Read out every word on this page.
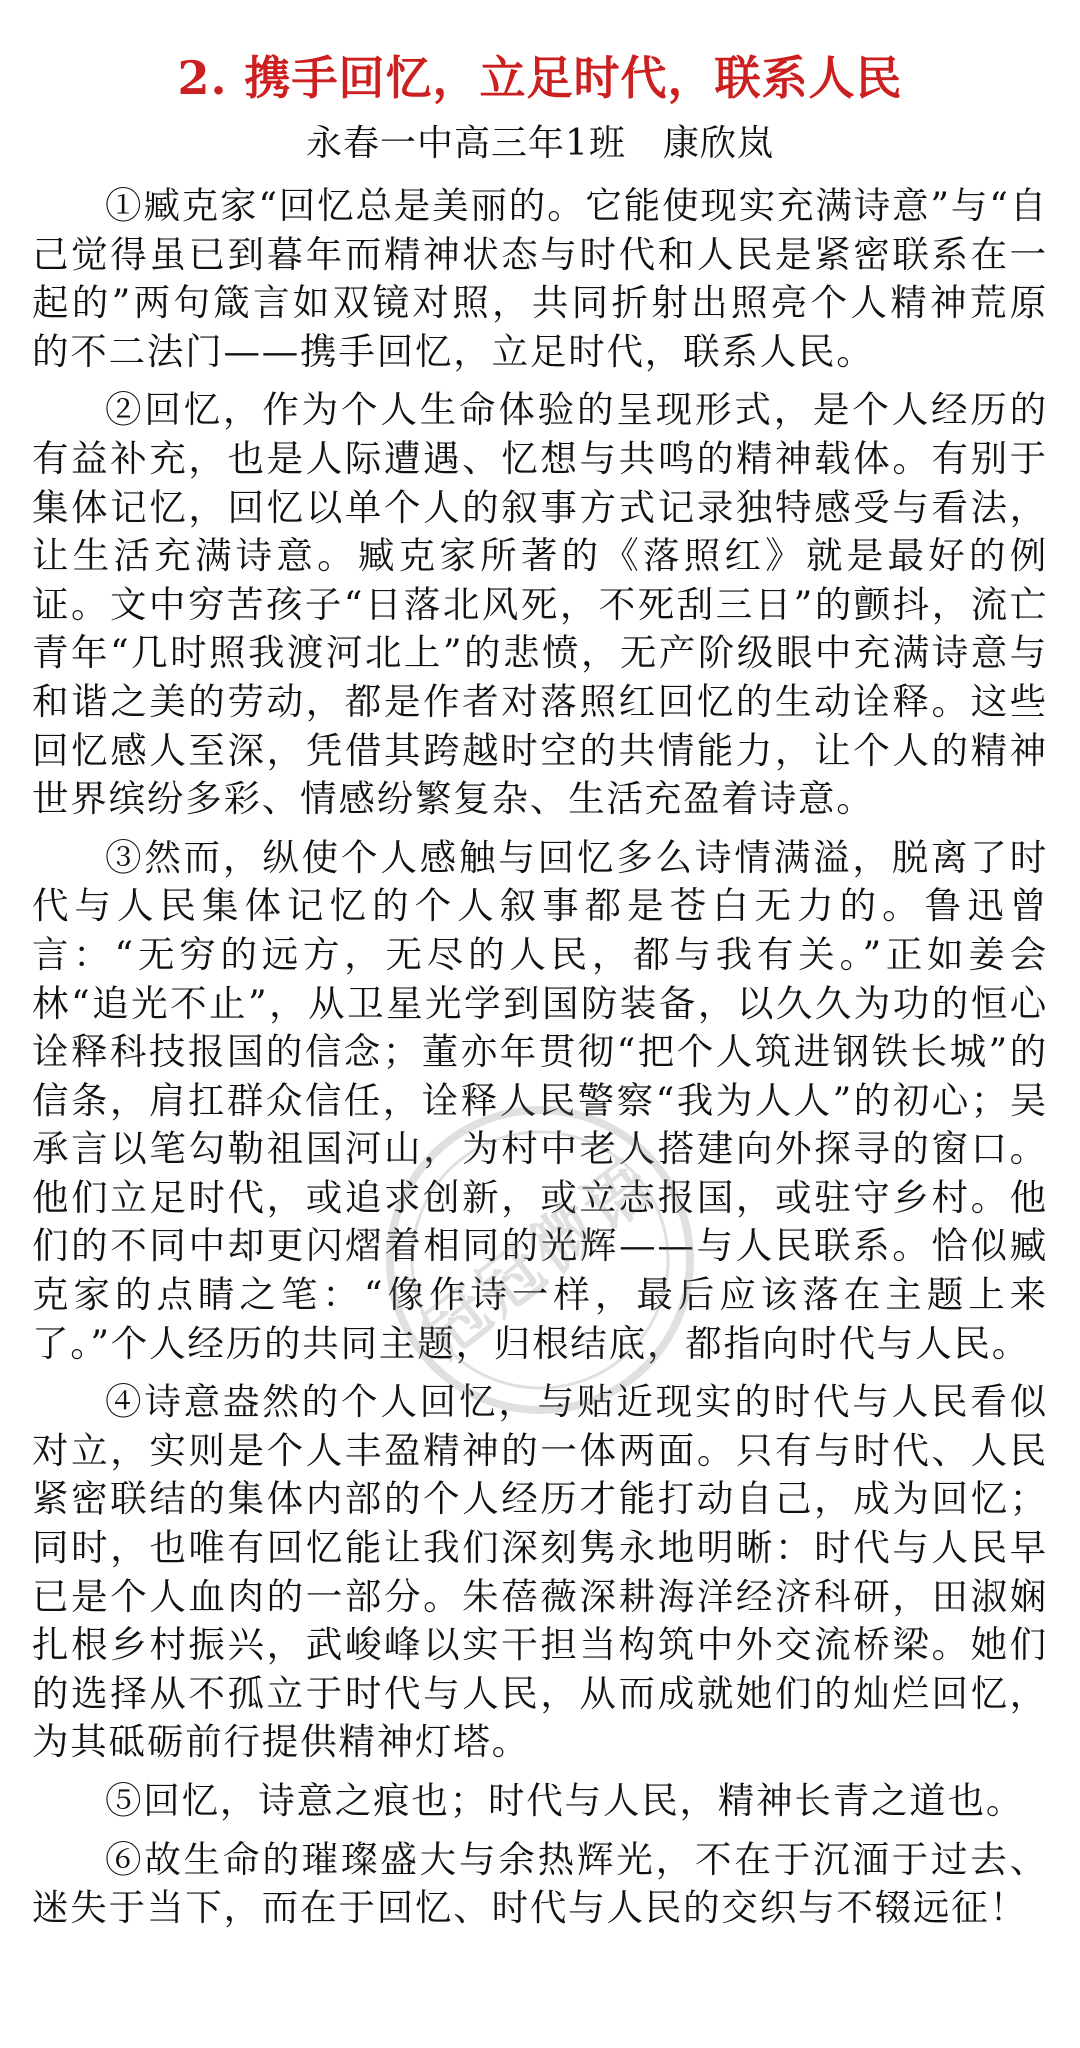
2. 携手回忆，立足时代，联系人民
永春一中高三年1班　康欣岚

①臧克家“回忆总是美丽的。它能使现实充满诗意”与“自己觉得虽已到暮年而精神状态与时代和人民是紧密联系在一起的”两句箴言如双镜对照，共同折射出照亮个人精神荒原的不二法门——携手回忆，立足时代，联系人民。

②回忆，作为个人生命体验的呈现形式，是个人经历的有益补充，也是人际遭遇、忆想与共鸣的精神载体。有别于集体记忆，回忆以单个人的叙事方式记录独特感受与看法，让生活充满诗意。臧克家所著的《落照红》就是最好的例证。文中穷苦孩子“日落北风死，不死刮三日”的颤抖，流亡青年“几时照我渡河北上”的悲愤，无产阶级眼中充满诗意与和谐之美的劳动，都是作者对落照红回忆的生动诠释。这些回忆感人至深，凭借其跨越时空的共情能力，让个人的精神世界缤纷多彩、情感纷繁复杂、生活充盈着诗意。

③然而，纵使个人感触与回忆多么诗情满溢，脱离了时代与人民集体记忆的个人叙事都是苍白无力的。鲁迅曾言：“无穷的远方，无尽的人民，都与我有关。”正如姜会林“追光不止”，从卫星光学到国防装备，以久久为功的恒心诠释科技报国的信念；董亦年贯彻“把个人筑进钢铁长城”的信条，肩扛群众信任，诠释人民警察“我为人人”的初心；吴承言以笔勾勒祖国河山，为村中老人搭建向外探寻的窗口。他们立足时代，或追求创新，或立志报国，或驻守乡村。他们的不同中却更闪熠着相同的光辉——与人民联系。恰似臧克家的点睛之笔：“像作诗一样，最后应该落在主题上来了。”个人经历的共同主题，归根结底，都指向时代与人民。

④诗意盎然的个人回忆，与贴近现实的时代与人民看似对立，实则是个人丰盈精神的一体两面。只有与时代、人民紧密联结的集体内部的个人经历才能打动自己，成为回忆；同时，也唯有回忆能让我们深刻隽永地明晰：时代与人民早已是个人血肉的一部分。朱蓓薇深耕海洋经济科研，田淑娴扎根乡村振兴，武峻峰以实干担当构筑中外交流桥梁。她们的选择从不孤立于时代与人民，从而成就她们的灿烂回忆，为其砥砺前行提供精神灯塔。

⑤回忆，诗意之痕也；时代与人民，精神长青之道也。

⑥故生命的璀璨盛大与余热辉光，不在于沉湎于过去、迷失于当下，而在于回忆、时代与人民的交织与不辍远征！

冠冠微语
